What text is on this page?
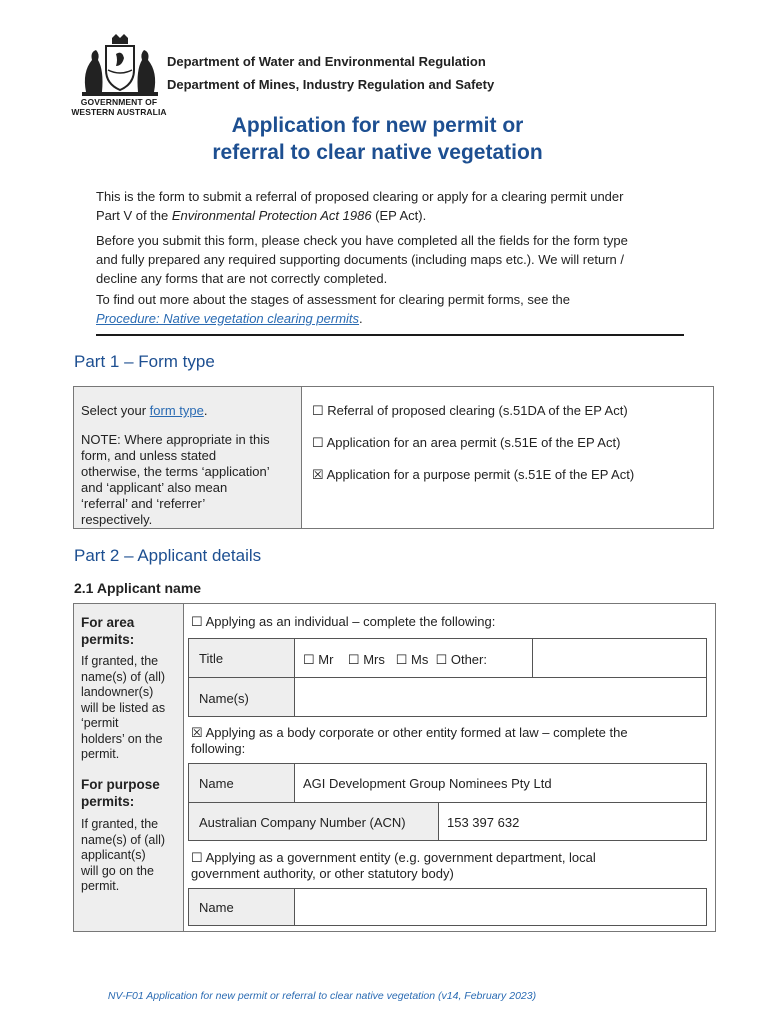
GOVERNMENT OF
WESTERN AUSTRALIA
Department of Water and Environmental Regulation
Department of Mines, Industry Regulation and Safety
Application for new permit or
referral to clear native vegetation
This is the form to submit a referral of proposed clearing or apply for a clearing permit under
Part V of the Environmental Protection Act 1986 (EP Act).
Before you submit this form, please check you have completed all the fields for the form type
and fully prepared any required supporting documents (including maps etc.). We will return /
decline any forms that are not correctly completed.
To find out more about the stages of assessment for clearing permit forms, see the
Procedure: Native vegetation clearing permits.
Part 1 – Form type
Select your form type.
NOTE: Where appropriate in this
form, and unless stated
otherwise, the terms ‘application’
and ‘applicant’ also mean
‘referral’ and ‘referrer’
respectively.
☐ Referral of proposed clearing (s.51DA of the EP Act)
☐ Application for an area permit (s.51E of the EP Act)
☒ Application for a purpose permit (s.51E of the EP Act)
Part 2 – Applicant details
2.1 Applicant name
For area
permits:
If granted, the
name(s) of (all)
landowner(s)
will be listed as
‘permit
holders’ on the
permit.
For purpose
permits:
If granted, the
name(s) of (all)
applicant(s)
will go on the
permit.
☐ Applying as an individual – complete the following:
Title	☐ Mr ☐ Mrs ☐ Ms ☐ Other:
Name(s)
☒ Applying as a body corporate or other entity formed at law – complete the
following:
Name	AGI Development Group Nominees Pty Ltd
Australian Company Number (ACN)	153 397 632
☐ Applying as a government entity (e.g. government department, local
government authority, or other statutory body)
Name
NV-F01 Application for new permit or referral to clear native vegetation (v14, February 2023)
